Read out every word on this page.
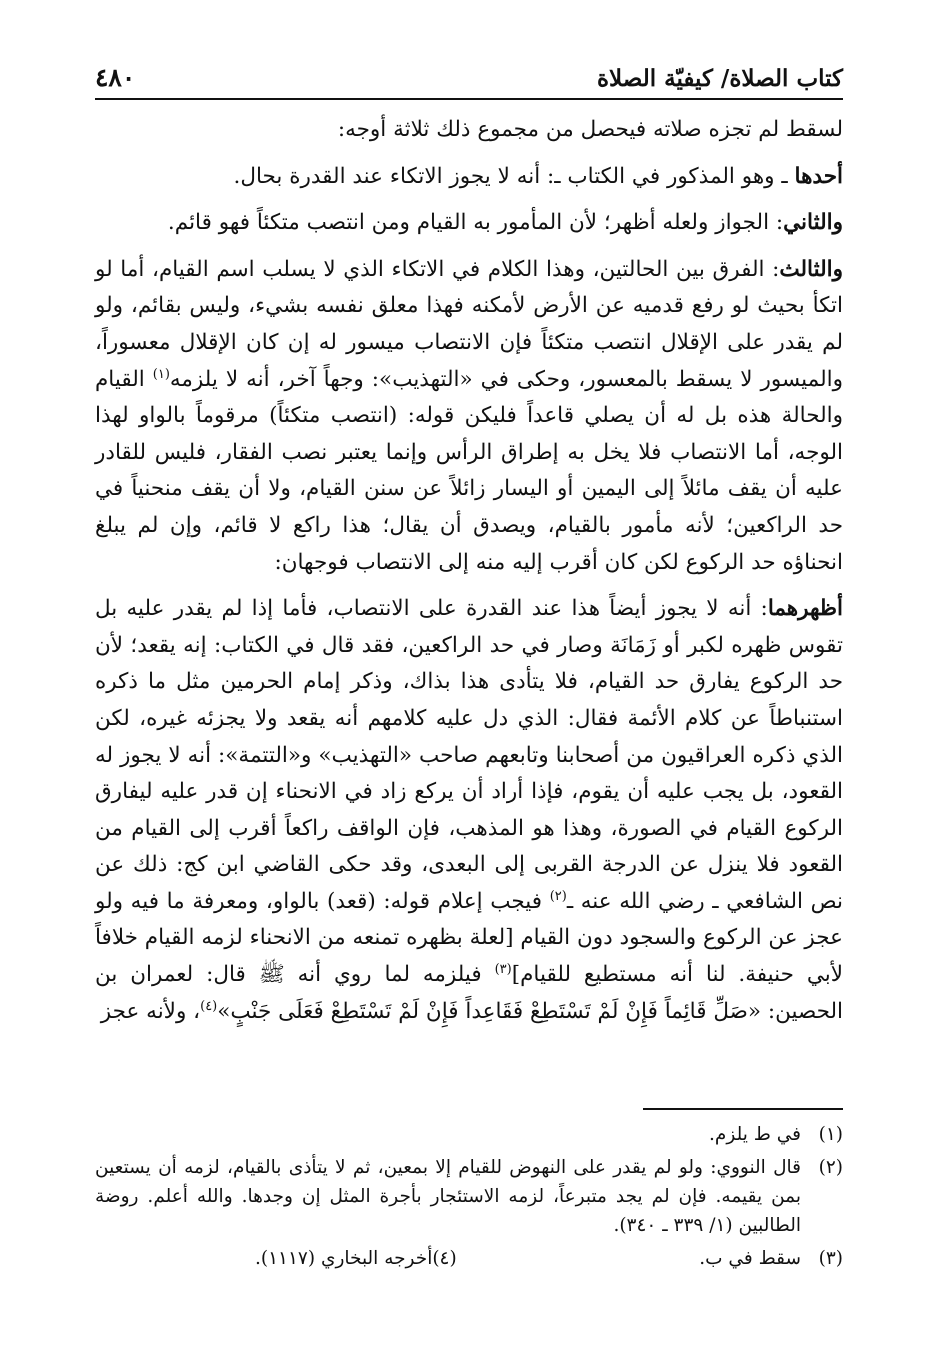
كتاب الصلاة/ كيفيّة الصلاة
٤٨٠

لسقط لم تجزه صلاته فيحصل من مجموع ذلك ثلاثة أوجه:

أحدها ـ وهو المذكور في الكتاب ـ: أنه لا يجوز الاتكاء عند القدرة بحال.

والثاني: الجواز ولعله أظهر؛ لأن المأمور به القيام ومن انتصب متكئاً فهو قائم.

والثالث: الفرق بين الحالتين، وهذا الكلام في الاتكاء الذي لا يسلب اسم القيام، أما لو اتكأ بحيث لو رفع قدميه عن الأرض لأمكنه فهذا معلق نفسه بشيء، وليس بقائم، ولو لم يقدر على الإقلال انتصب متكئاً فإن الانتصاب ميسور له إن كان الإقلال معسوراً، والميسور لا يسقط بالمعسور، وحكى في «التهذيب»: وجهاً آخر، أنه لا يلزمه$^{(١)}$ القيام والحالة هذه بل له أن يصلي قاعداً فليكن قوله: (انتصب متكئاً) مرقوماً بالواو لهذا الوجه، أما الانتصاب فلا يخل به إطراق الرأس وإنما يعتبر نصب الفقار، فليس للقادر عليه أن يقف مائلاً إلى اليمين أو اليسار زائلاً عن سنن القيام، ولا أن يقف منحنياً في حد الراكعين؛ لأنه مأمور بالقيام، ويصدق أن يقال؛ هذا راكع لا قائم، وإن لم يبلغ انحناؤه حد الركوع لكن كان أقرب إليه منه إلى الانتصاب فوجهان:

أظهرهما: أنه لا يجوز أيضاً هذا عند القدرة على الانتصاب، فأما إذا لم يقدر عليه بل تقوس ظهره لكبر أو زَمَانَة وصار في حد الراكعين، فقد قال في الكتاب: إنه يقعد؛ لأن حد الركوع يفارق حد القيام، فلا يتأدى هذا بذاك، وذكر إمام الحرمين مثل ما ذكره استنباطاً عن كلام الأئمة فقال: الذي دل عليه كلامهم أنه يقعد ولا يجزئه غيره، لكن الذي ذكره العراقيون من أصحابنا وتابعهم صاحب «التهذيب» و«التتمة»: أنه لا يجوز له القعود، بل يجب عليه أن يقوم، فإذا أراد أن يركع زاد في الانحناء إن قدر عليه ليفارق الركوع القيام في الصورة، وهذا هو المذهب، فإن الواقف راكعاً أقرب إلى القيام من القعود فلا ينزل عن الدرجة القربى إلى البعدى، وقد حكى القاضي ابن كج: ذلك عن نص الشافعي ـ رضي الله عنه ـ$^{(٢)}$ فيجب إعلام قوله: (قعد) بالواو، ومعرفة ما فيه ولو عجز عن الركوع والسجود دون القيام [لعلة بظهره تمنعه من الانحناء لزمه القيام خلافاً لأبي حنيفة. لنا أنه مستطيع للقيام]$^{(٣)}$ فيلزمه لما روي أنه ﷺ قال: لعمران بن الحصين: «صَلِّ قَائِماً فَإِنْ لَمْ تَسْتَطِعْ فَقَاعِداً فَإِنْ لَمْ تَسْتَطِعْ فَعَلَى جَنْبٍ»$^{(٤)}$، ولأنه عجز

(١)
في ط يلزم.
(٢)
قال النووي: ولو لم يقدر على النهوض للقيام إلا بمعين، ثم لا يتأذى بالقيام، لزمه أن يستعين بمن يقيمه. فإن لم يجد متبرعاً، لزمه الاستئجار بأجرة المثل إن وجدها. والله أعلم. روضة الطالبين (١/ ٣٣٩ ـ ٣٤٠).
(٣)
سقط في ب.
(٤)
أخرجه البخاري (١١١٧).
